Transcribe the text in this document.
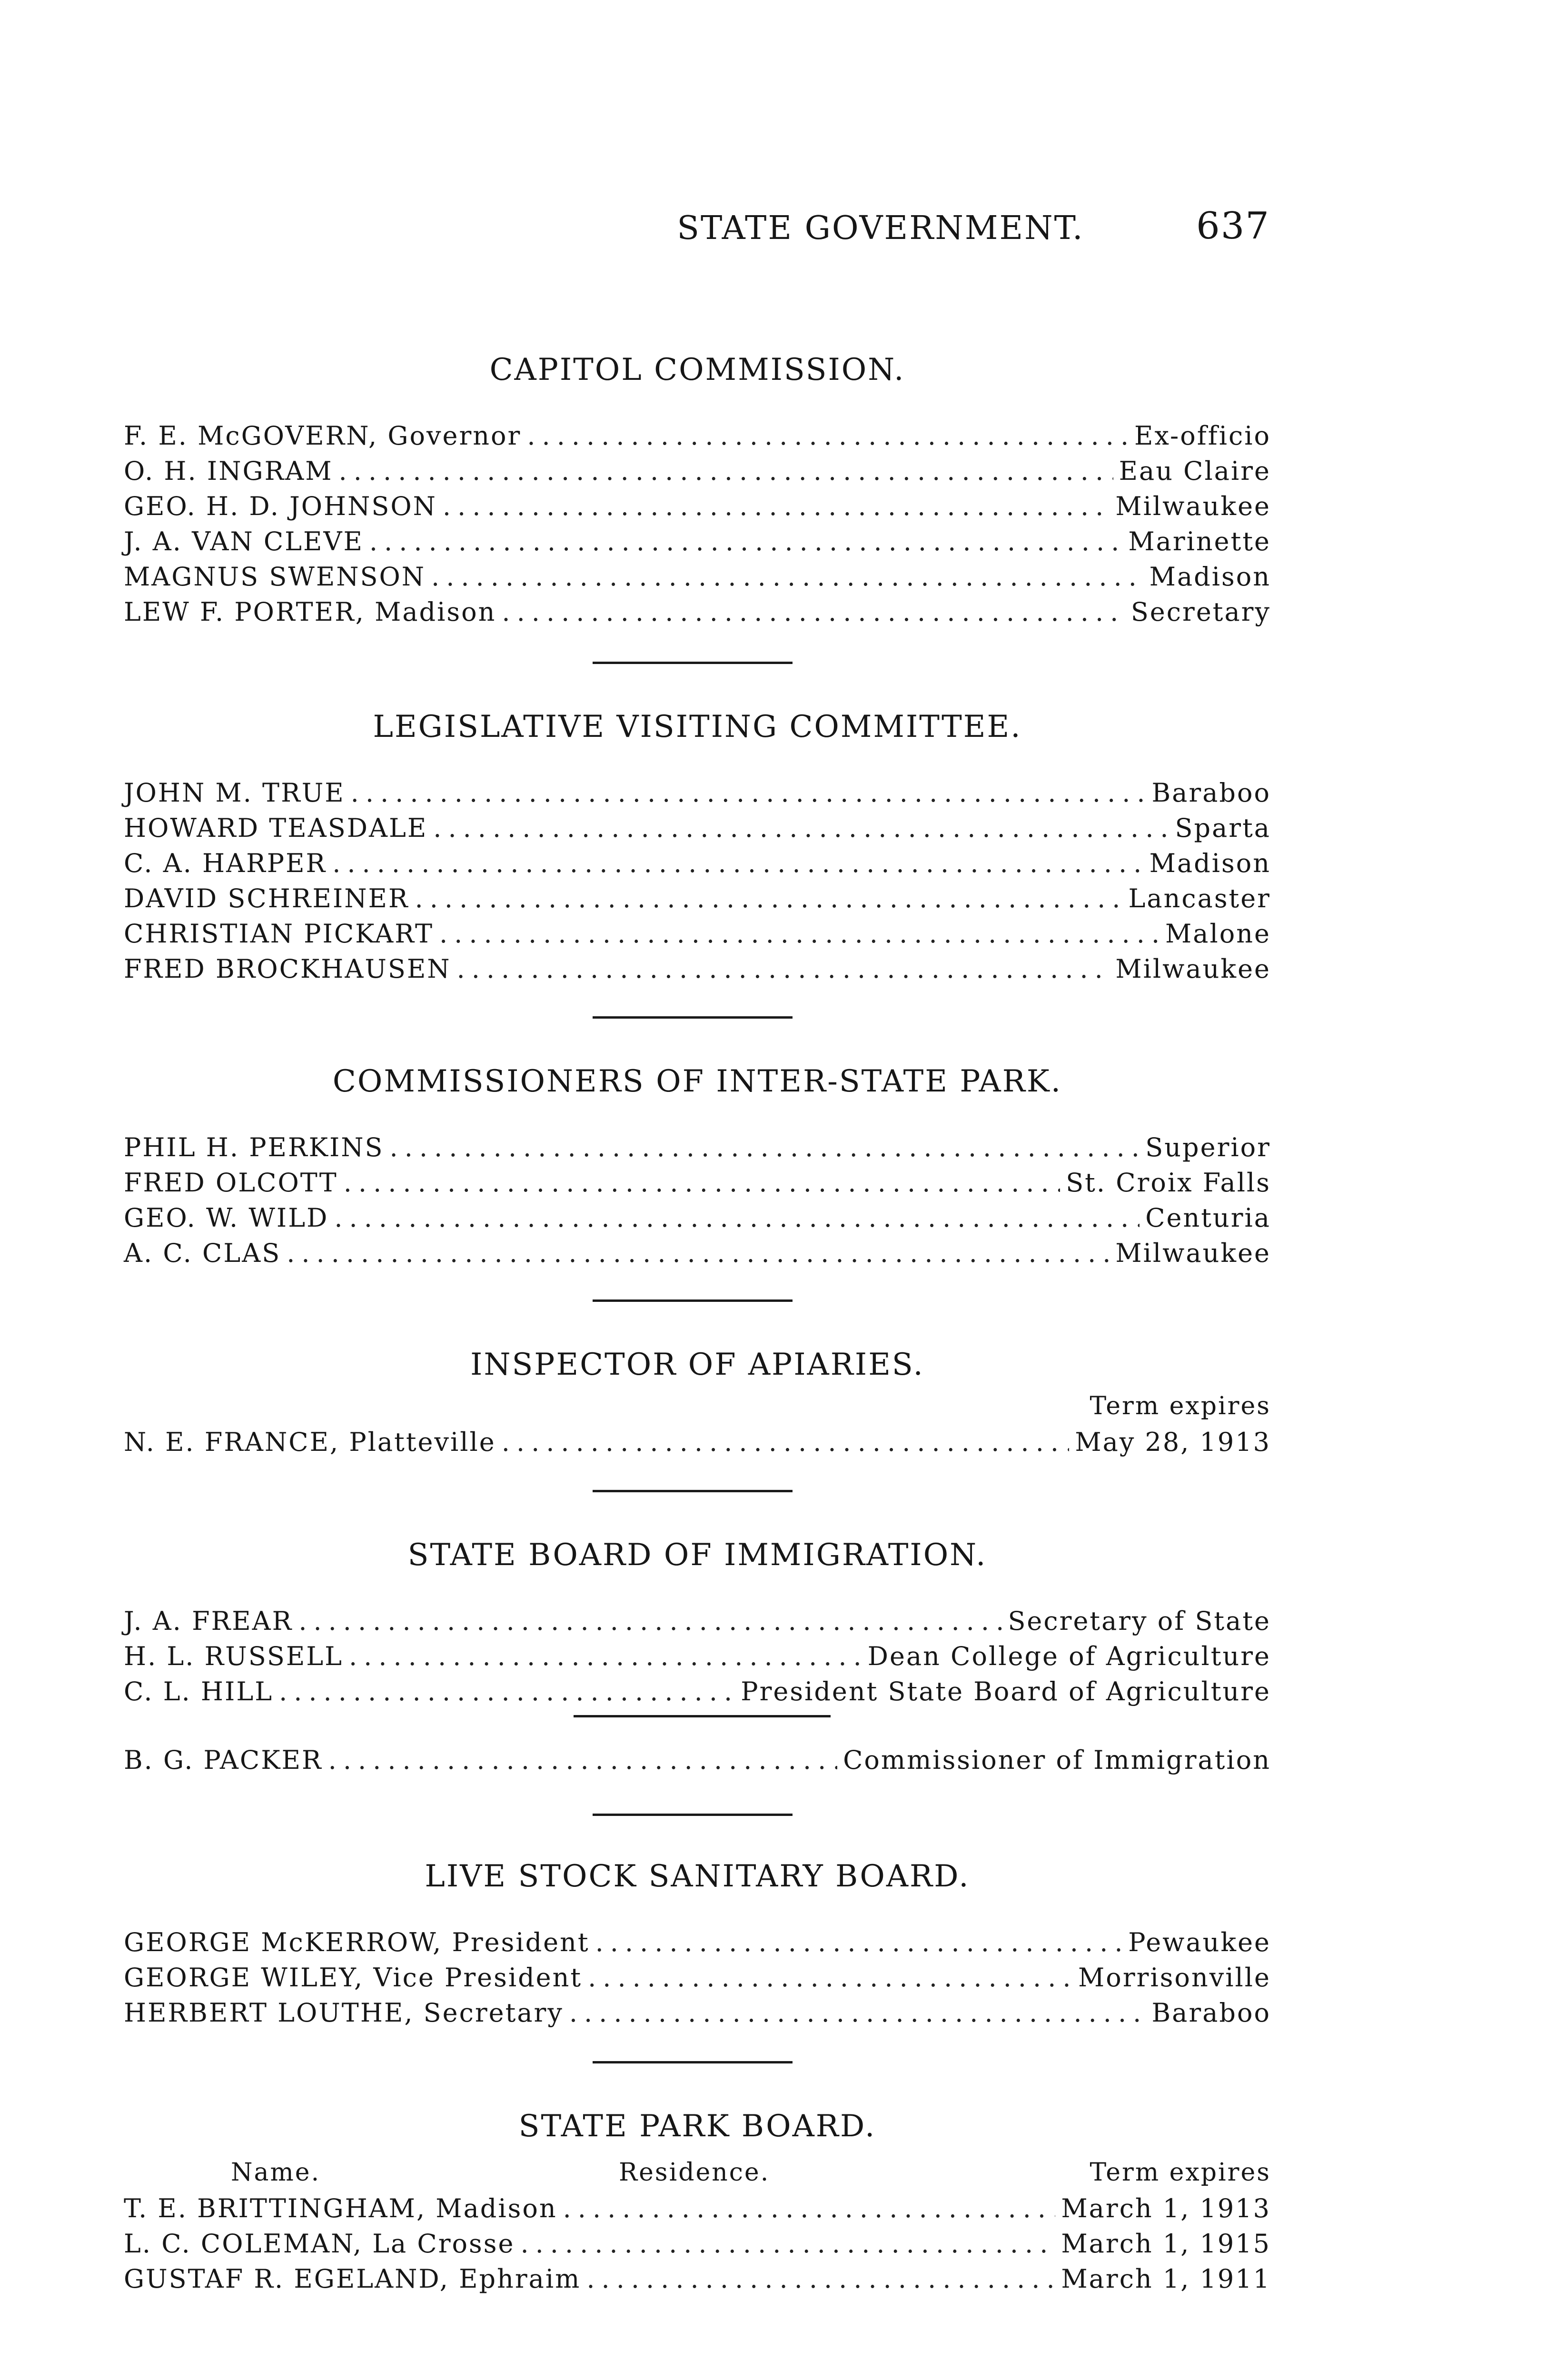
STATE GOVERNMENT.	637
CAPITOL COMMISSION.
F. E. McGOVERN, Governor .....	Ex-officio
O. H. INGRAM .....	Eau Claire
GEO. H. D. JOHNSON .....	Milwaukee
J. A. VAN CLEVE .....	Marinette
MAGNUS SWENSON .....	Madison
LEW F. PORTER, Madison .....	Secretary
LEGISLATIVE VISITING COMMITTEE.
JOHN M. TRUE .....	Baraboo
HOWARD TEASDALE .....	Sparta
C. A. HARPER .....	Madison
DAVID SCHREINER .....	Lancaster
CHRISTIAN PICKART .....	Malone
FRED BROCKHAUSEN .....	Milwaukee
COMMISSIONERS OF INTER-STATE PARK.
PHIL H. PERKINS .....	Superior
FRED OLCOTT .....	St. Croix Falls
GEO. W. WILD .....	Centuria
A. C. CLAS .....	Milwaukee
INSPECTOR OF APIARIES.
Term expires
N. E. FRANCE, Platteville .....	May 28, 1913
STATE BOARD OF IMMIGRATION.
J. A. FREAR .....	Secretary of State
H. L. RUSSELL .....	Dean College of Agriculture
C. L. HILL .....	President State Board of Agriculture
B. G. PACKER .....	Commissioner of Immigration
LIVE STOCK SANITARY BOARD.
GEORGE McKERROW, President .....	Pewaukee
GEORGE WILEY, Vice President .....	Morrisonville
HERBERT LOUTHE, Secretary .....	Baraboo
STATE PARK BOARD.
Name.	Residence.	Term expires
T. E. BRITTINGHAM, Madison .....	March 1, 1913
L. C. COLEMAN, La Crosse .....	March 1, 1915
GUSTAF R. EGELAND, Ephraim .....	March 1, 1911
